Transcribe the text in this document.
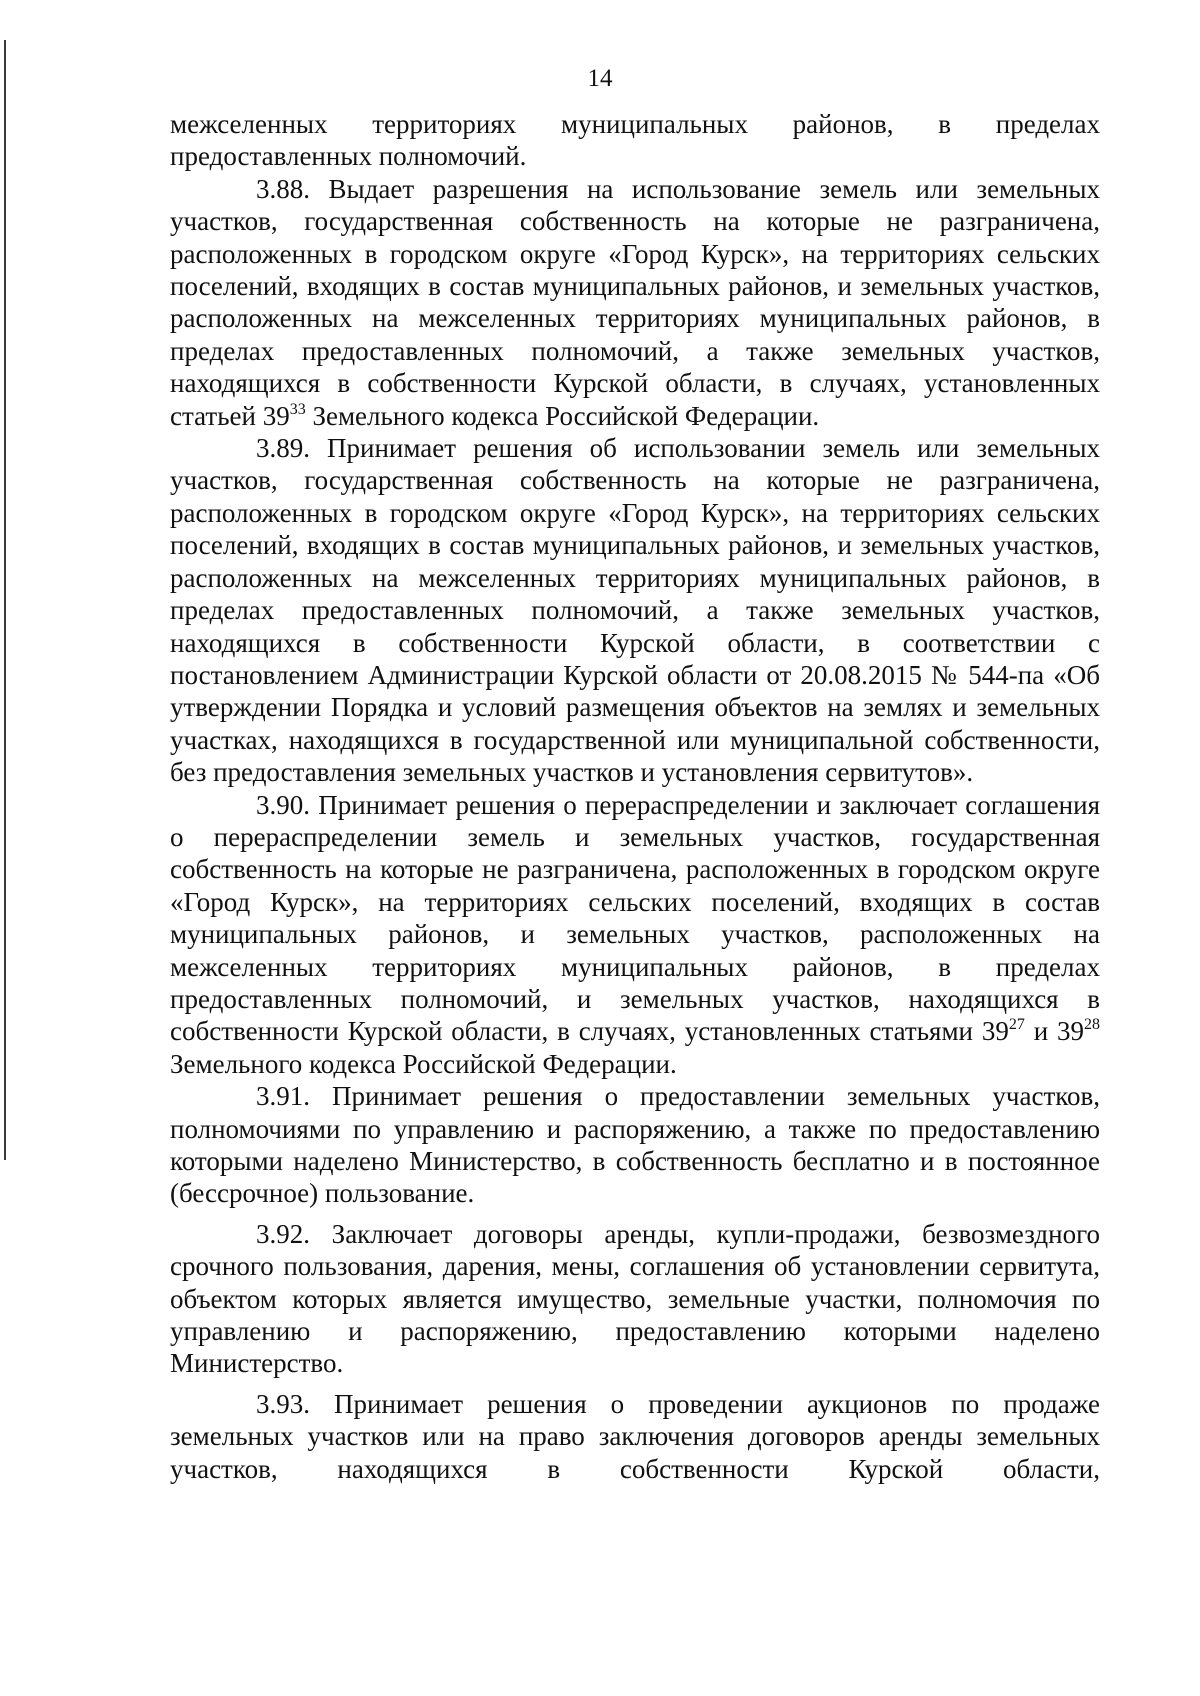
14

межселенных территориях муниципальных районов, в пределах предоставленных полномочий.

3.88. Выдает разрешения на использование земель или земельных участков, государственная собственность на которые не разграничена, расположенных в городском округе «Город Курск», на территориях сельских поселений, входящих в состав муниципальных районов, и земельных участков, расположенных на межселенных территориях муниципальных районов, в пределах предоставленных полномочий, а также земельных участков, находящихся в собственности Курской области, в случаях, установленных статьей $39^{33}$ Земельного кодекса Российской Федерации.

3.89. Принимает решения об использовании земель или земельных участков, государственная собственность на которые не разграничена, расположенных в городском округе «Город Курск», на территориях сельских поселений, входящих в состав муниципальных районов, и земельных участков, расположенных на межселенных территориях муниципальных районов, в пределах предоставленных полномочий, а также земельных участков, находящихся в собственности Курской области, в соответствии с постановлением Администрации Курской области от 20.08.2015 № 544-па «Об утверждении Порядка и условий размещения объектов на землях и земельных участках, находящихся в государственной или муниципальной собственности, без предоставления земельных участков и установления сервитутов».

3.90. Принимает решения о перераспределении и заключает соглашения о перераспределении земель и земельных участков, государственная собственность на которые не разграничена, расположенных в городском округе «Город Курск», на территориях сельских поселений, входящих в состав муниципальных районов, и земельных участков, расположенных на межселенных территориях муниципальных районов, в пределах предоставленных полномочий, и земельных участков, находящихся в собственности Курской области, в случаях, установленных статьями $39^{27}$ и $39^{28}$ Земельного кодекса Российской Федерации.

3.91. Принимает решения о предоставлении земельных участков, полномочиями по управлению и распоряжению, а также по предоставлению которыми наделено Министерство, в собственность бесплатно и в постоянное (бессрочное) пользование.

3.92. Заключает договоры аренды, купли-продажи, безвозмездного срочного пользования, дарения, мены, соглашения об установлении сервитута, объектом которых является имущество, земельные участки, полномочия по управлению и распоряжению, предоставлению которыми наделено Министерство.

3.93. Принимает решения о проведении аукционов по продаже земельных участков или на право заключения договоров аренды земельных участков, находящихся в собственности Курской области,
